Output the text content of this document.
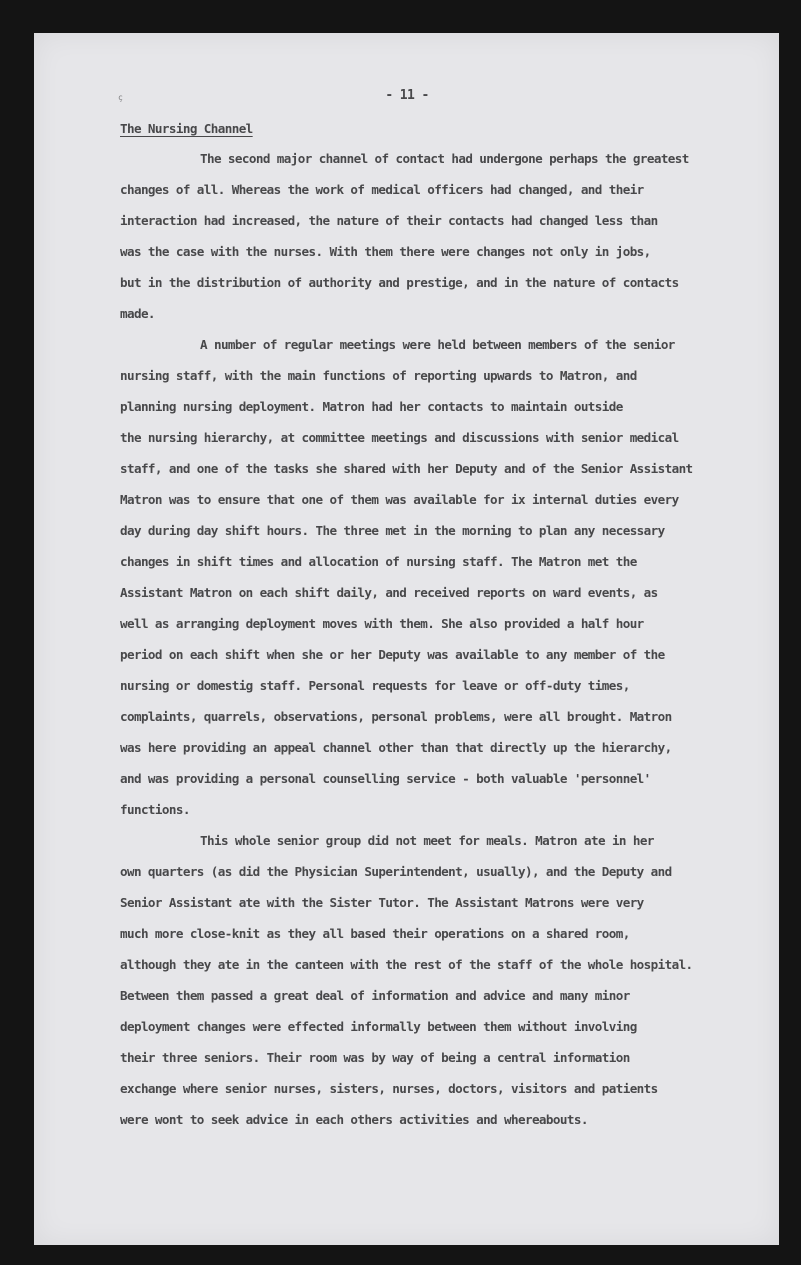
ç	- 11 -
The Nursing Channel
The second major channel of contact had undergone perhaps the greatest
changes of all. Whereas the work of medical officers had changed, and their
interaction had increased, the nature of their contacts had changed less than
was the case with the nurses. With them there were changes not only in jobs,
but in the distribution of authority and prestige, and in the nature of contacts
made.
A number of regular meetings were held between members of the senior
nursing staff, with the main functions of reporting upwards to Matron, and
planning nursing deployment. Matron had her contacts to maintain outside
the nursing hierarchy, at committee meetings and discussions with senior medical
staff, and one of the tasks she shared with her Deputy and of the Senior Assistant
Matron was to ensure that one of them was available for ix internal duties every
day during day shift hours. The three met in the morning to plan any necessary
changes in shift times and allocation of nursing staff. The Matron met the
Assistant Matron on each shift daily, and received reports on ward events, as
well as arranging deployment moves with them. She also provided a half hour
period on each shift when she or her Deputy was available to any member of the
nursing or domestig staff. Personal requests for leave or off-duty times,
complaints, quarrels, observations, personal problems, were all brought. Matron
was here providing an appeal channel other than that directly up the hierarchy,
and was providing a personal counselling service - both valuable 'personnel'
functions.
This whole senior group did not meet for meals. Matron ate in her
own quarters (as did the Physician Superintendent, usually), and the Deputy and
Senior Assistant ate with the Sister Tutor. The Assistant Matrons were very
much more close-knit as they all based their operations on a shared room,
although they ate in the canteen with the rest of the staff of the whole hospital.
Between them passed a great deal of information and advice and many minor
deployment changes were effected informally between them without involving
their three seniors. Their room was by way of being a central information
exchange where senior nurses, sisters, nurses, doctors, visitors and patients
were wont to seek advice in each others activities and whereabouts.
